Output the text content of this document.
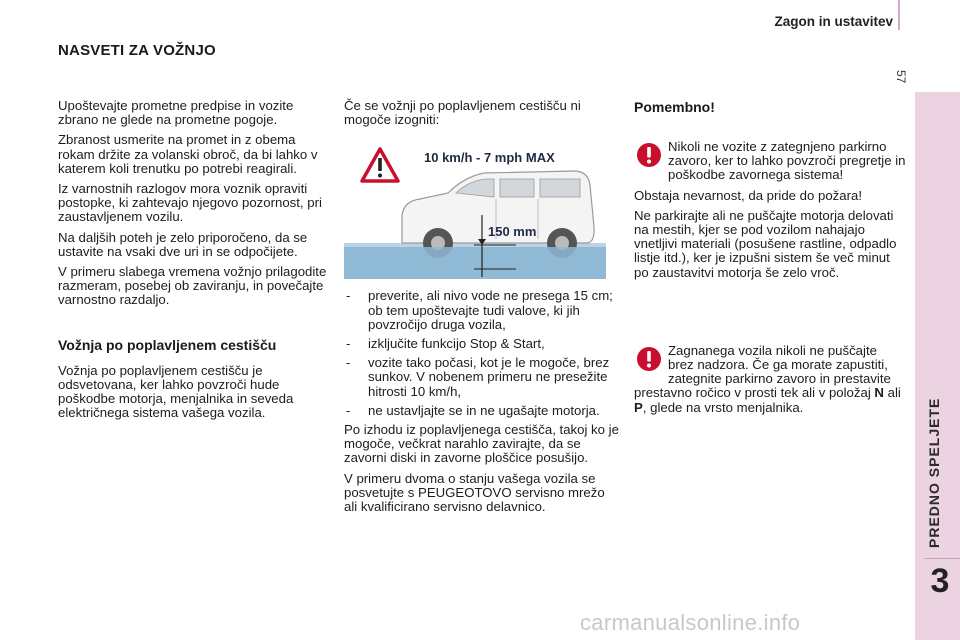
Zagon in ustavitev
57
PREDNO SPELJETE
3
NASVETI ZA VOŽNJO

Upoštevajte prometne predpise in vozite zbrano ne glede na prometne pogoje.

Zbranost usmerite na promet in z obema rokam držite za volanski obroč, da bi lahko v katerem koli trenutku po potrebi reagirali.

Iz varnostnih razlogov mora voznik opraviti postopke, ki zahtevajo njegovo pozornost, pri zaustavljenem vozilu.

Na daljših poteh je zelo priporočeno, da se ustavite na vsaki dve uri in se odpočijete.

V primeru slabega vremena vožnjo prilagodite razmeram, posebej ob zaviranju, in povečajte varnostno razdaljo.

Vožnja po poplavljenem cestišču

Vožnja po poplavljenem cestišču je odsvetovana, ker lahko povzroči hude poškodbe motorja, menjalnika in seveda električnega sistema vašega vozila.

Če se vožnji po poplavljenem cestišču ni mogoče izogniti:

10 km/h - 7 mph MAX
150 mm
- preverite, ali nivo vode ne presega 15 cm; ob tem upoštevajte tudi valove, ki jih povzročijo druga vozila,
- izključite funkcijo Stop & Start,
- vozite tako počasi, kot je le mogoče, brez sunkov. V nobenem primeru ne presežite hitrosti 10 km/h,
- ne ustavljajte se in ne ugašajte motorja.

Po izhodu iz poplavljenega cestišča, takoj ko je mogoče, večkrat narahlo zavirajte, da se zavorni diski in zavorne ploščice posušijo.

V primeru dvoma o stanju vašega vozila se posvetujte s PEUGEOTOVO servisno mrežo ali kvalificirano servisno delavnico.

Pomembno!

Nikoli ne vozite z zategnjeno parkirno zavoro, ker to lahko povzroči pregretje in poškodbe zavornega sistema!

Obstaja nevarnost, da pride do požara!

Ne parkirajte ali ne puščajte motorja delovati na mestih, kjer se pod vozilom nahajajo vnetljivi materiali (posušene rastline, odpadlo listje itd.), ker je izpušni sistem še več minut po zaustavitvi motorja še zelo vroč.

Zagnanega vozila nikoli ne puščajte brez nadzora. Če ga morate zapustiti, zategnite parkirno zavoro in prestavite prestavno ročico v prosti tek ali v položaj N ali P, glede na vrsto menjalnika.

carmanualsonline.info
